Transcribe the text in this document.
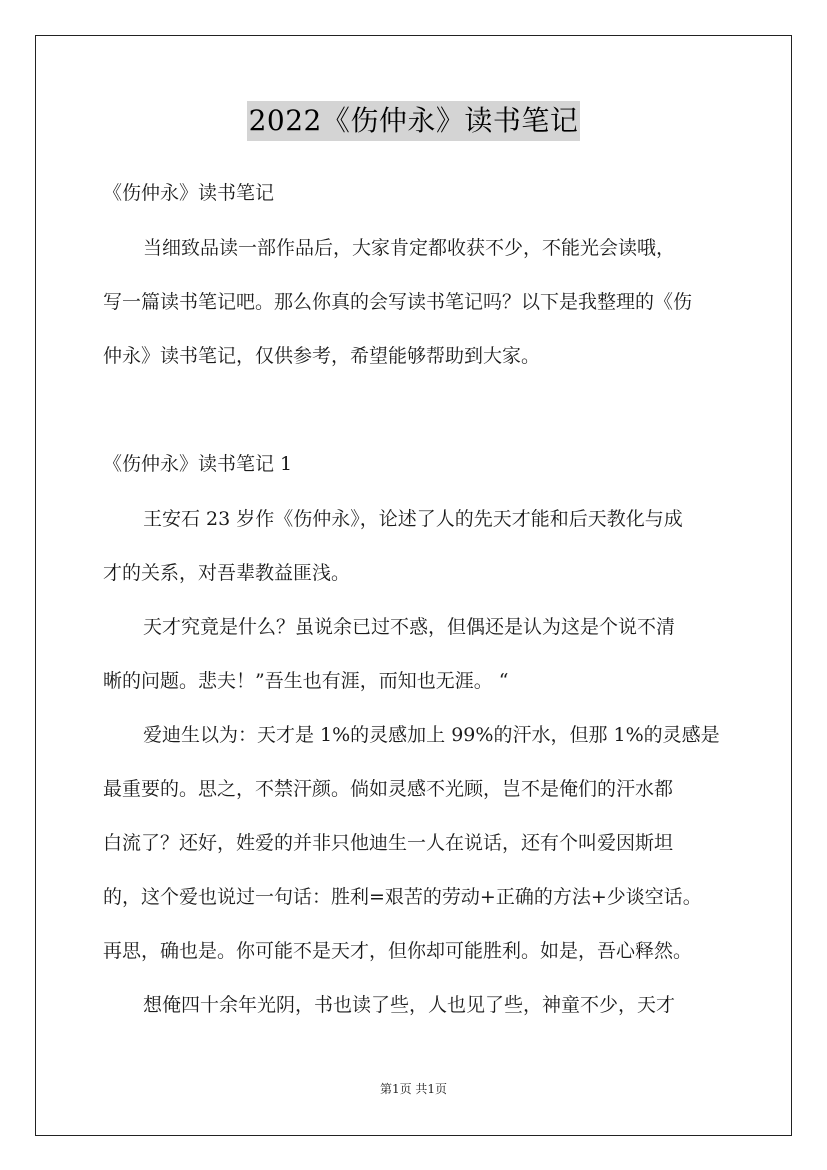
2022《伤仲永》读书笔记
《伤仲永》读书笔记
当细致品读一部作品后，大家肯定都收获不少，不能光会读哦，
写一篇读书笔记吧。那么你真的会写读书笔记吗？以下是我整理的《伤
仲永》读书笔记，仅供参考，希望能够帮助到大家。
《伤仲永》读书笔记 1
王安石 23 岁作《伤仲永》，论述了人的先天才能和后天教化与成
才的关系，对吾辈教益匪浅。
天才究竟是什么？虽说余已过不惑，但偶还是认为这是个说不清
晰的问题。悲夫！”吾生也有涯，而知也无涯。 “
爱迪生以为：天才是 1%的灵感加上 99%的汗水，但那 1%的灵感是
最重要的。思之，不禁汗颜。倘如灵感不光顾，岂不是俺们的汗水都
白流了？还好，姓爱的并非只他迪生一人在说话，还有个叫爱因斯坦
的，这个爱也说过一句话：胜利=艰苦的劳动+正确的方法+少谈空话。
再思，确也是。你可能不是天才，但你却可能胜利。如是，吾心释然。
想俺四十余年光阴，书也读了些，人也见了些，神童不少，天才
第1页 共1页
